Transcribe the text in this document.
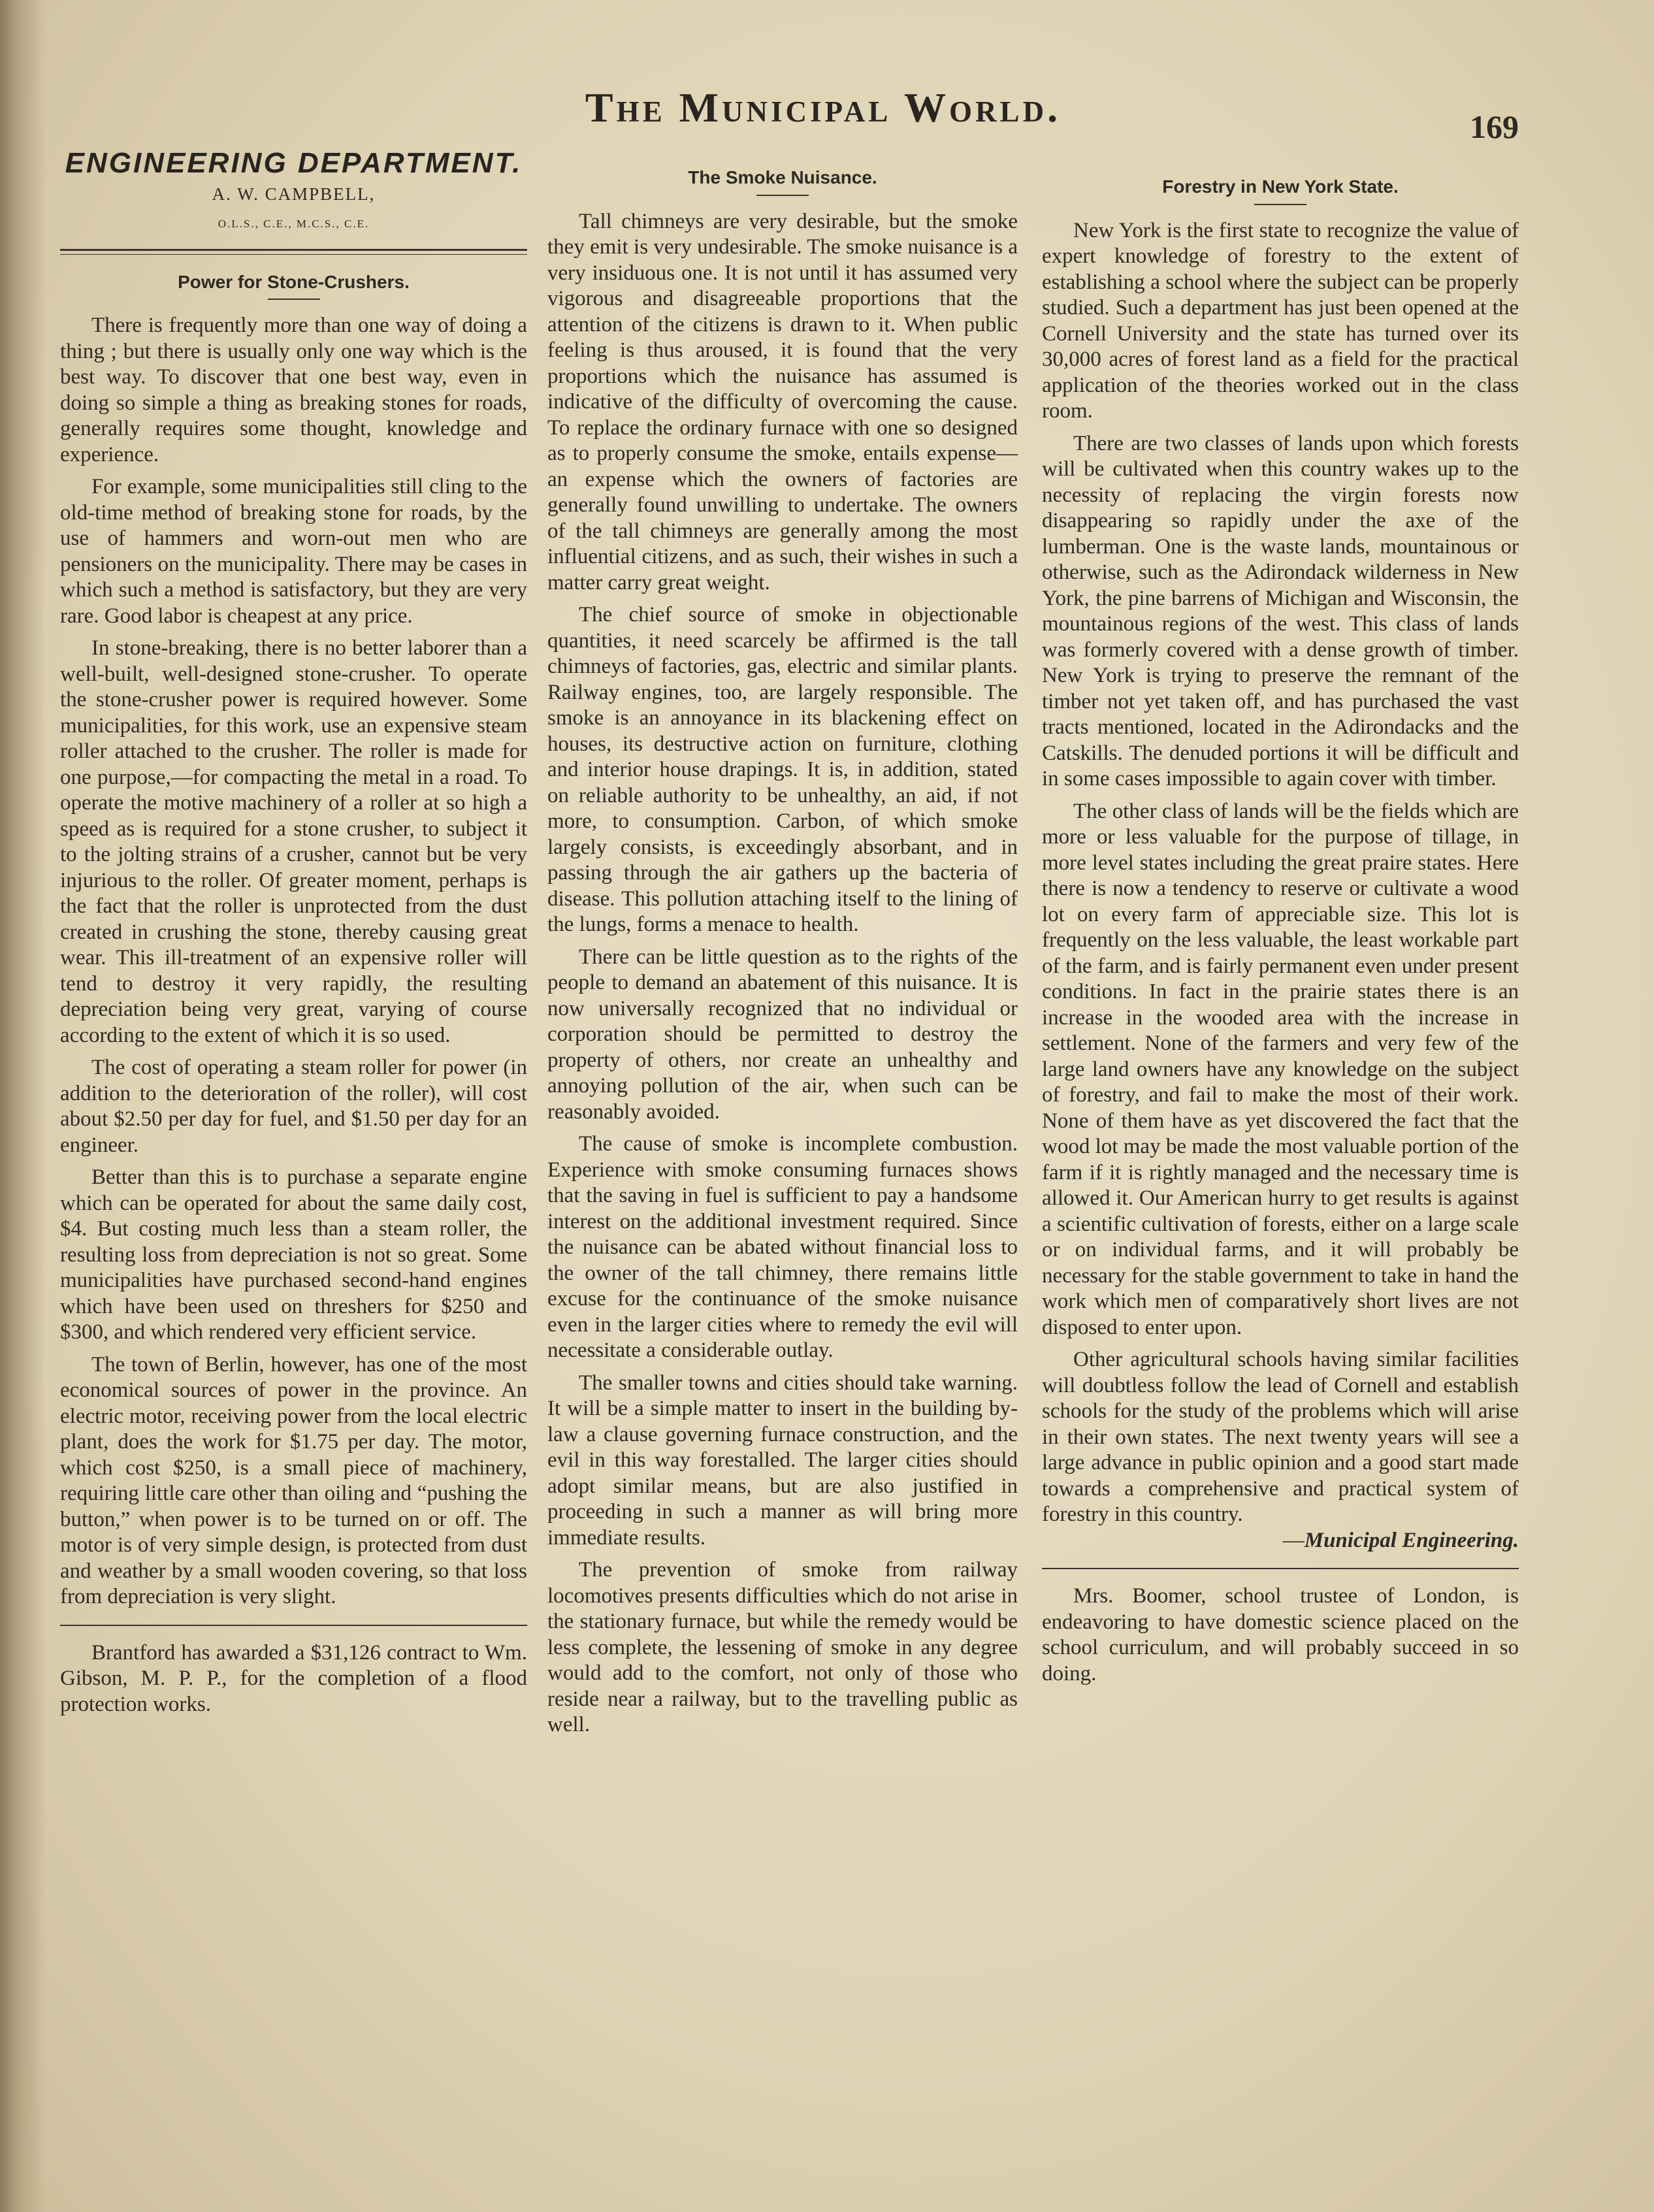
The Municipal World.	169
ENGINEERING DEPARTMENT.
A. W. CAMPBELL,
O.L.S., C.E., M.C.S., C.E.
Power for Stone-Crushers.

There is frequently more than one way of doing a thing ; but there is usually only one way which is the best way. To discover that one best way, even in doing so simple a thing as breaking stones for roads, generally requires some thought, knowledge and experience.

For example, some municipalities still cling to the old-time method of breaking stone for roads, by the use of hammers and worn-out men who are pensioners on the municipality. There may be cases in which such a method is satisfactory, but they are very rare. Good labor is cheapest at any price.

In stone-breaking, there is no better laborer than a well-built, well-designed stone-crusher. To operate the stone-crusher power is required however. Some municipalities, for this work, use an expensive steam roller attached to the crusher. The roller is made for one purpose,—for compacting the metal in a road. To operate the motive machinery of a roller at so high a speed as is required for a stone crusher, to subject it to the jolting strains of a crusher, cannot but be very injurious to the roller. Of greater moment, perhaps is the fact that the roller is unprotected from the dust created in crushing the stone, thereby causing great wear. This ill-treatment of an expensive roller will tend to destroy it very rapidly, the resulting depreciation being very great, varying of course according to the extent of which it is so used.

The cost of operating a steam roller for power (in addition to the deterioration of the roller), will cost about $2.50 per day for fuel, and $1.50 per day for an engineer.

Better than this is to purchase a separate engine which can be operated for about the same daily cost, $4. But costing much less than a steam roller, the resulting loss from depreciation is not so great. Some municipalities have purchased second-hand engines which have been used on threshers for $250 and $300, and which rendered very efficient service.

The town of Berlin, however, has one of the most economical sources of power in the province. An electric motor, receiving power from the local electric plant, does the work for $1.75 per day. The motor, which cost $250, is a small piece of machinery, requiring little care other than oiling and “pushing the button,” when power is to be turned on or off. The motor is of very simple design, is protected from dust and weather by a small wooden covering, so that loss from depreciation is very slight.

Brantford has awarded a $31,126 contract to Wm. Gibson, M. P. P., for the completion of a flood protection works.

The Smoke Nuisance.

Tall chimneys are very desirable, but the smoke they emit is very undesirable. The smoke nuisance is a very insiduous one. It is not until it has assumed very vigorous and disagreeable proportions that the attention of the citizens is drawn to it. When public feeling is thus aroused, it is found that the very proportions which the nuisance has assumed is indicative of the difficulty of overcoming the cause. To replace the ordinary furnace with one so designed as to properly consume the smoke, entails expense—an expense which the owners of factories are generally found unwilling to undertake. The owners of the tall chimneys are generally among the most influential citizens, and as such, their wishes in such a matter carry great weight.

The chief source of smoke in objectionable quantities, it need scarcely be affirmed is the tall chimneys of factories, gas, electric and similar plants. Railway engines, too, are largely responsible. The smoke is an annoyance in its blackening effect on houses, its destructive action on furniture, clothing and interior house drapings. It is, in addition, stated on reliable authority to be unhealthy, an aid, if not more, to consumption. Carbon, of which smoke largely consists, is exceedingly absorbant, and in passing through the air gathers up the bacteria of disease. This pollution attaching itself to the lining of the lungs, forms a menace to health.

There can be little question as to the rights of the people to demand an abatement of this nuisance. It is now universally recognized that no individual or corporation should be permitted to destroy the property of others, nor create an unhealthy and annoying pollution of the air, when such can be reasonably avoided.

The cause of smoke is incomplete combustion. Experience with smoke consuming furnaces shows that the saving in fuel is sufficient to pay a handsome interest on the additional investment required. Since the nuisance can be abated without financial loss to the owner of the tall chimney, there remains little excuse for the continuance of the smoke nuisance even in the larger cities where to remedy the evil will necessitate a considerable outlay.

The smaller towns and cities should take warning. It will be a simple matter to insert in the building by-law a clause governing furnace construction, and the evil in this way forestalled. The larger cities should adopt similar means, but are also justified in proceeding in such a manner as will bring more immediate results.

The prevention of smoke from railway locomotives presents difficulties which do not arise in the stationary furnace, but while the remedy would be less complete, the lessening of smoke in any degree would add to the comfort, not only of those who reside near a railway, but to the travelling public as well.

Forestry in New York State.

New York is the first state to recognize the value of expert knowledge of forestry to the extent of establishing a school where the subject can be properly studied. Such a department has just been opened at the Cornell University and the state has turned over its 30,000 acres of forest land as a field for the practical application of the theories worked out in the class room.

There are two classes of lands upon which forests will be cultivated when this country wakes up to the necessity of replacing the virgin forests now disappearing so rapidly under the axe of the lumberman. One is the waste lands, mountainous or otherwise, such as the Adirondack wilderness in New York, the pine barrens of Michigan and Wisconsin, the mountainous regions of the west. This class of lands was formerly covered with a dense growth of timber. New York is trying to preserve the remnant of the timber not yet taken off, and has purchased the vast tracts mentioned, located in the Adirondacks and the Catskills. The denuded portions it will be difficult and in some cases impossible to again cover with timber.

The other class of lands will be the fields which are more or less valuable for the purpose of tillage, in more level states including the great praire states. Here there is now a tendency to reserve or cultivate a wood lot on every farm of appreciable size. This lot is frequently on the less valuable, the least workable part of the farm, and is fairly permanent even under present conditions. In fact in the prairie states there is an increase in the wooded area with the increase in settlement. None of the farmers and very few of the large land owners have any knowledge on the subject of forestry, and fail to make the most of their work. None of them have as yet discovered the fact that the wood lot may be made the most valuable portion of the farm if it is rightly managed and the necessary time is allowed it. Our American hurry to get results is against a scientific cultivation of forests, either on a large scale or on individual farms, and it will probably be necessary for the stable government to take in hand the work which men of comparatively short lives are not disposed to enter upon.

Other agricultural schools having similar facilities will doubtless follow the lead of Cornell and establish schools for the study of the problems which will arise in their own states. The next twenty years will see a large advance in public opinion and a good start made towards a comprehensive and practical system of forestry in this country.

—Municipal Engineering.

Mrs. Boomer, school trustee of London, is endeavoring to have domestic science placed on the school curriculum, and will probably succeed in so doing.
